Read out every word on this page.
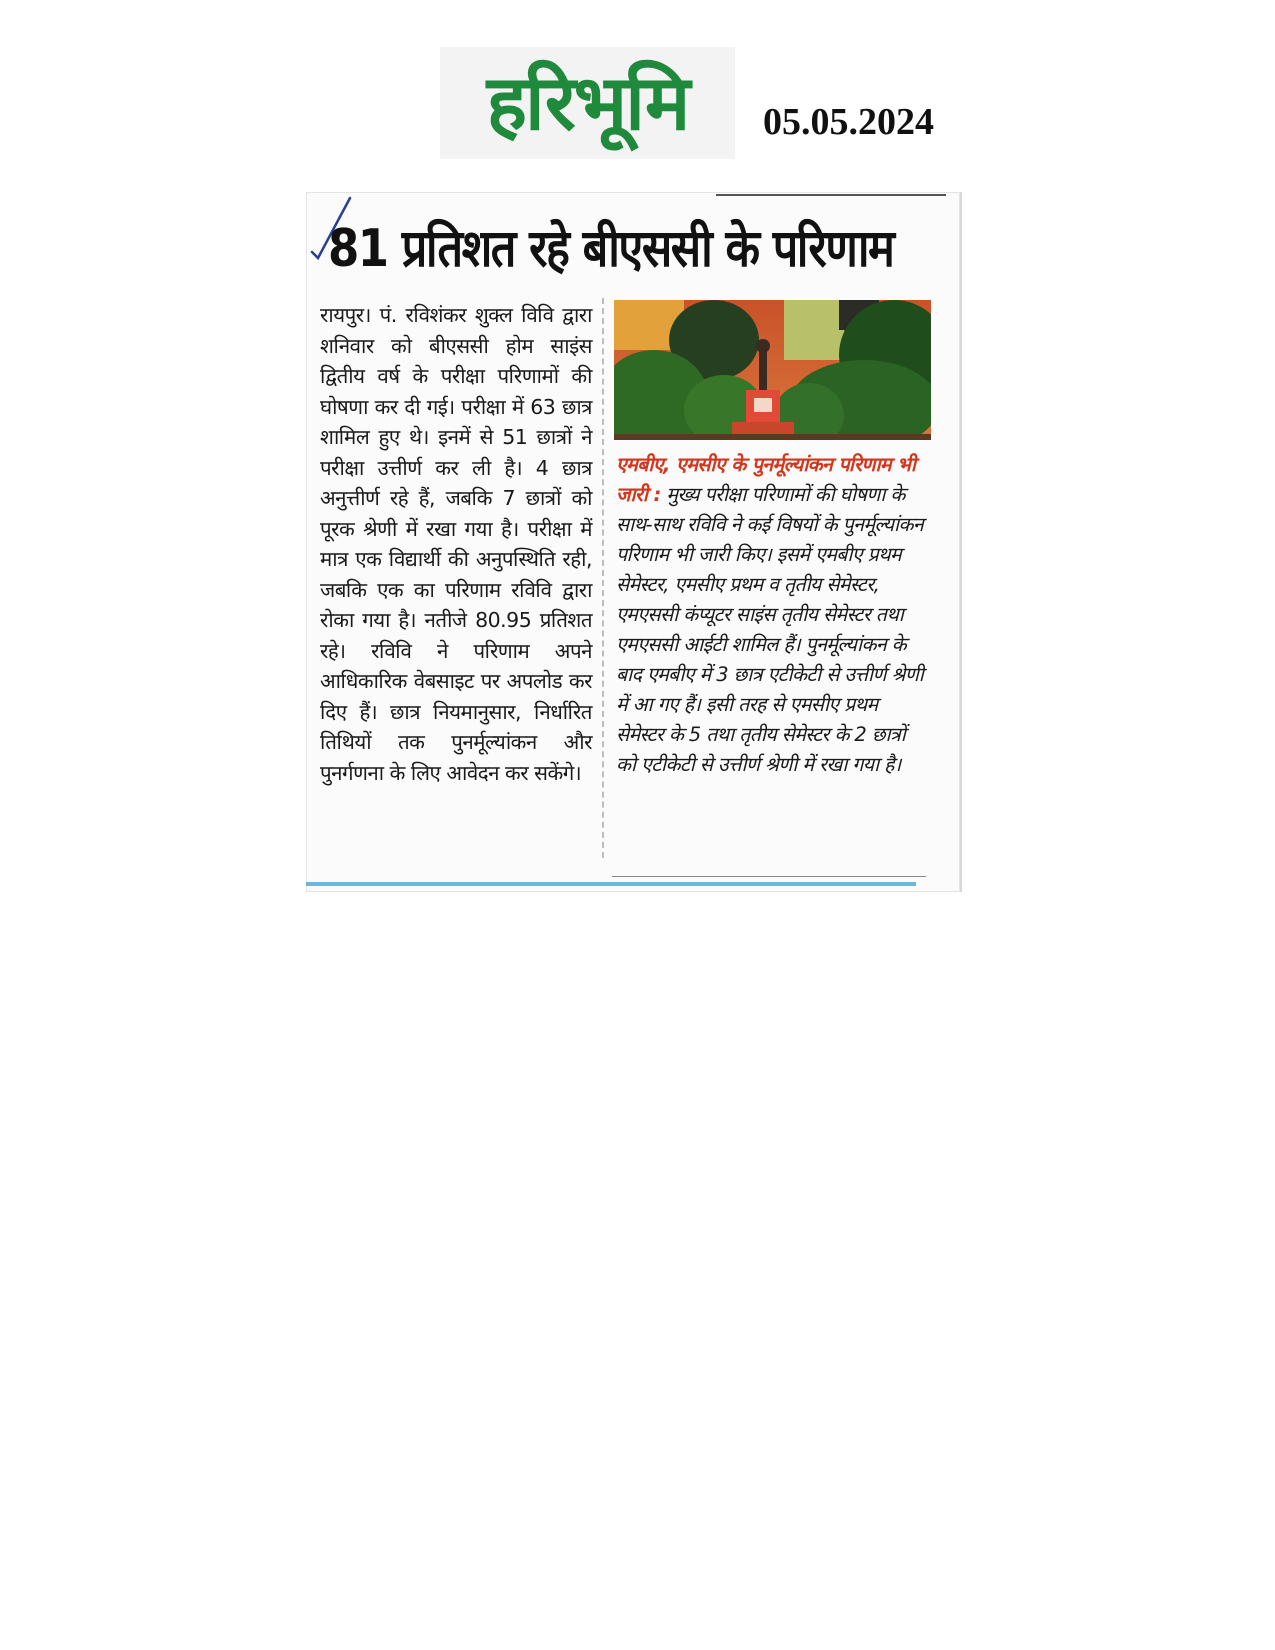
हरिभूमि 05.05.2024
81 प्रतिशत रहे बीएससी के परिणाम

रायपुर। पं. रविशंकर शुक्ल विवि द्वारा शनिवार को बीएससी होम साइंस द्वितीय वर्ष के परीक्षा परिणामों की घोषणा कर दी गई। परीक्षा में 63 छात्र शामिल हुए थे। इनमें से 51 छात्रों ने परीक्षा उत्तीर्ण कर ली है। 4 छात्र अनुत्तीर्ण रहे हैं, जबकि 7 छात्रों को पूरक श्रेणी में रखा गया है। परीक्षा में मात्र एक विद्यार्थी की अनुपस्थिति रही, जबकि एक का परिणाम रविवि द्वारा रोका गया है। नतीजे 80.95 प्रतिशत रहे। रविवि ने परिणाम अपने आधिकारिक वेबसाइट पर अपलोड कर दिए हैं। छात्र नियमानुसार, निर्धारित तिथियों तक पुनर्मूल्यांकन और पुनर्गणना के लिए आवेदन कर सकेंगे।

एमबीए, एमसीए के पुनर्मूल्यांकन परिणाम भी जारी : मुख्य परीक्षा परिणामों की घोषणा के साथ-साथ रविवि ने कई विषयों के पुनर्मूल्यांकन परिणाम भी जारी किए। इसमें एमबीए प्रथम सेमेस्टर, एमसीए प्रथम व तृतीय सेमेस्टर, एमएससी कंप्यूटर साइंस तृतीय सेमेस्टर तथा एमएससी आईटी शामिल हैं। पुनर्मूल्यांकन के बाद एमबीए में 3 छात्र एटीकेटी से उत्तीर्ण श्रेणी में आ गए हैं। इसी तरह से एमसीए प्रथम सेमेस्टर के 5 तथा तृतीय सेमेस्टर के 2 छात्रों को एटीकेटी से उत्तीर्ण श्रेणी में रखा गया है।
